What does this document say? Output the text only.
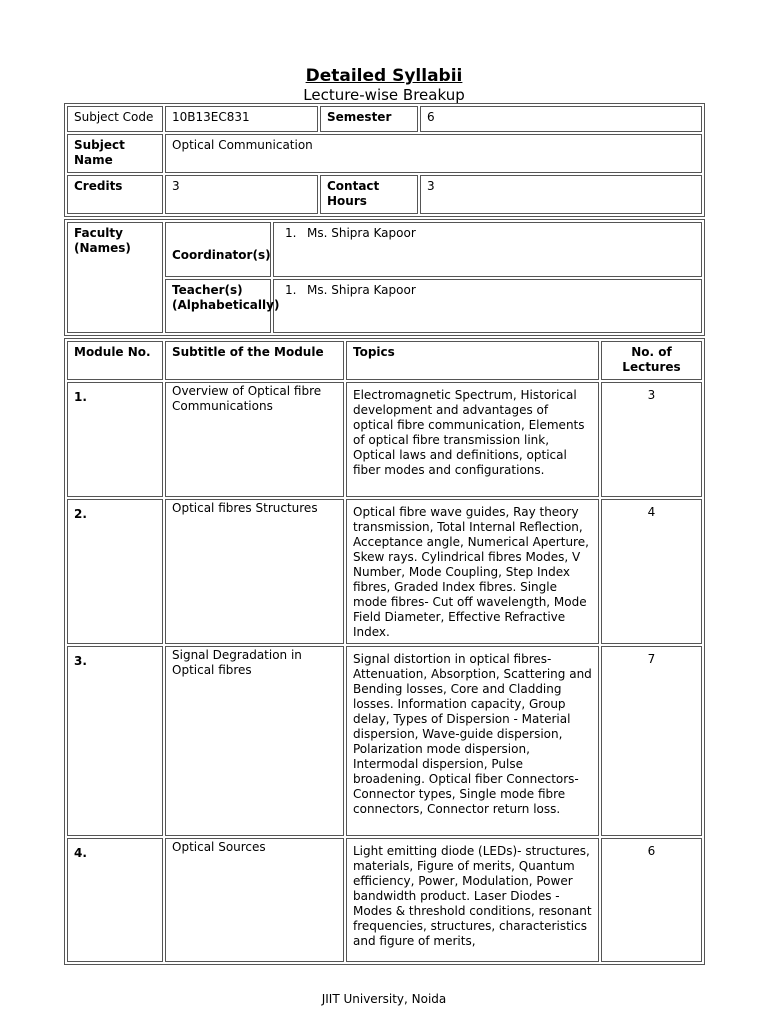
Detailed Syllabii
Lecture-wise Breakup
Subject Code	10B13EC831	Semester	6
Subject Name	Optical Communication		
Credits	3	Contact Hours	3
Faculty (Names)	Coordinator(s)	1. Ms. Shipra Kapoor
	Teacher(s) (Alphabetically)	1. Ms. Shipra Kapoor
Module No.	Subtitle of the Module	Topics	No. of Lectures
1.	Overview of Optical fibre Communications	Electromagnetic Spectrum, Historical development and advantages of optical fibre communication, Elements of optical fibre transmission link, Optical laws and definitions, optical fiber modes and configurations.	3
2.	Optical fibres Structures	Optical fibre wave guides, Ray theory transmission, Total Internal Reflection, Acceptance angle, Numerical Aperture, Skew rays. Cylindrical fibres Modes, V Number, Mode Coupling, Step Index fibres, Graded Index fibres. Single mode fibres- Cut off wavelength, Mode Field Diameter, Effective Refractive Index.	4
3.	Signal Degradation in Optical fibres	Signal distortion in optical fibres- Attenuation, Absorption, Scattering and Bending losses, Core and Cladding losses. Information capacity, Group delay, Types of Dispersion - Material dispersion, Wave-guide dispersion, Polarization mode dispersion, Intermodal dispersion, Pulse broadening. Optical fiber Connectors- Connector types, Single mode fibre connectors, Connector return loss.	7
4.	Optical Sources	Light emitting diode (LEDs)- structures, materials, Figure of merits, Quantum efficiency, Power, Modulation, Power bandwidth product. Laser Diodes -Modes & threshold conditions, resonant frequencies, structures, characteristics and figure of merits,	6
JIIT University, Noida
